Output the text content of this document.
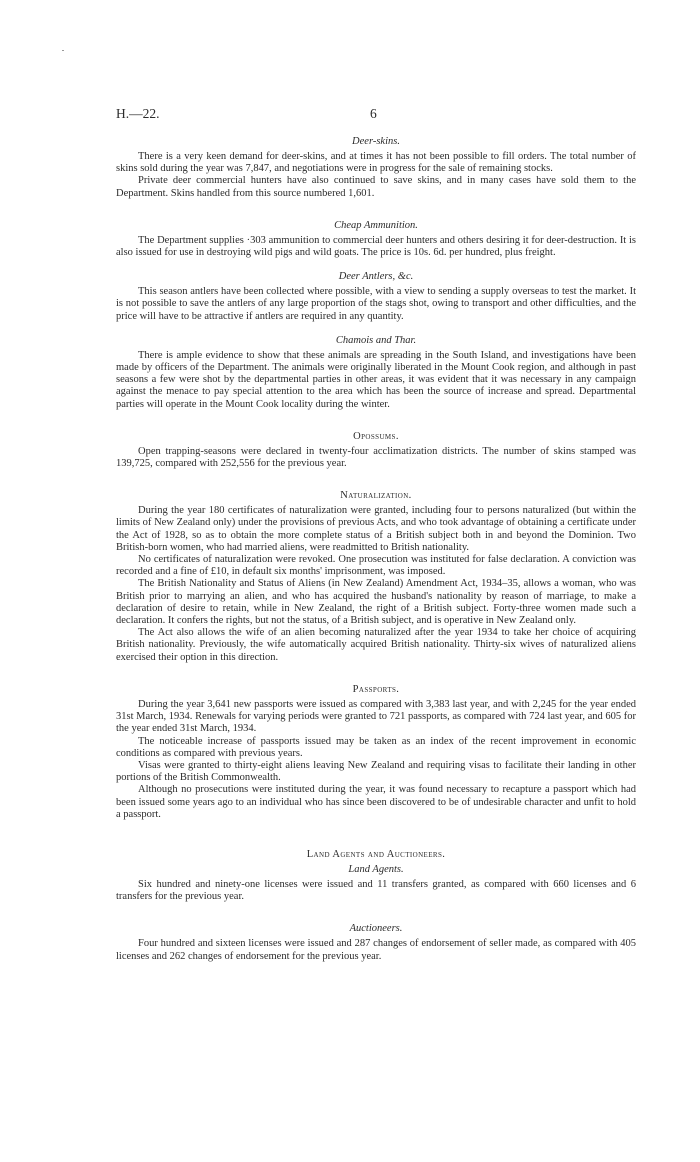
H.—22.	6
Deer-skins.

There is a very keen demand for deer-skins, and at times it has not been possible to fill orders. The total number of skins sold during the year was 7,847, and negotiations were in progress for the sale of remaining stocks.

Private deer commercial hunters have also continued to save skins, and in many cases have sold them to the Department. Skins handled from this source numbered 1,601.

Cheap Ammunition.

The Department supplies ·303 ammunition to commercial deer hunters and others desiring it for deer-destruction. It is also issued for use in destroying wild pigs and wild goats. The price is 10s. 6d. per hundred, plus freight.

Deer Antlers, &c.

This season antlers have been collected where possible, with a view to sending a supply overseas to test the market. It is not possible to save the antlers of any large proportion of the stags shot, owing to transport and other difficulties, and the price will have to be attractive if antlers are required in any quantity.

Chamois and Thar.

There is ample evidence to show that these animals are spreading in the South Island, and investigations have been made by officers of the Department. The animals were originally liberated in the Mount Cook region, and although in past seasons a few were shot by the departmental parties in other areas, it was evident that it was necessary in any campaign against the menace to pay special attention to the area which has been the source of increase and spread. Departmental parties will operate in the Mount Cook locality during the winter.

Opossums.

Open trapping-seasons were declared in twenty-four acclimatization districts. The number of skins stamped was 139,725, compared with 252,556 for the previous year.

Naturalization.

During the year 180 certificates of naturalization were granted, including four to persons naturalized (but within the limits of New Zealand only) under the provisions of previous Acts, and who took advantage of obtaining a certificate under the Act of 1928, so as to obtain the more complete status of a British subject both in and beyond the Dominion. Two British-born women, who had married aliens, were readmitted to British nationality.

No certificates of naturalization were revoked. One prosecution was instituted for false declaration. A conviction was recorded and a fine of £10, in default six months' imprisonment, was imposed.

The British Nationality and Status of Aliens (in New Zealand) Amendment Act, 1934–35, allows a woman, who was British prior to marrying an alien, and who has acquired the husband's nationality by reason of marriage, to make a declaration of desire to retain, while in New Zealand, the right of a British subject. Forty-three women made such a declaration. It confers the rights, but not the status, of a British subject, and is operative in New Zealand only.

The Act also allows the wife of an alien becoming naturalized after the year 1934 to take her choice of acquiring British nationality. Previously, the wife automatically acquired British nationality. Thirty-six wives of naturalized aliens exercised their option in this direction.

Passports.

During the year 3,641 new passports were issued as compared with 3,383 last year, and with 2,245 for the year ended 31st March, 1934. Renewals for varying periods were granted to 721 passports, as compared with 724 last year, and 605 for the year ended 31st March, 1934.

The noticeable increase of passports issued may be taken as an index of the recent improvement in economic conditions as compared with previous years.

Visas were granted to thirty-eight aliens leaving New Zealand and requiring visas to facilitate their landing in other portions of the British Commonwealth.

Although no prosecutions were instituted during the year, it was found necessary to recapture a passport which had been issued some years ago to an individual who has since been discovered to be of undesirable character and unfit to hold a passport.

Land Agents and Auctioneers.
Land Agents.

Six hundred and ninety-one licenses were issued and 11 transfers granted, as compared with 660 licenses and 6 transfers for the previous year.

Auctioneers.

Four hundred and sixteen licenses were issued and 287 changes of endorsement of seller made, as compared with 405 licenses and 262 changes of endorsement for the previous year.
